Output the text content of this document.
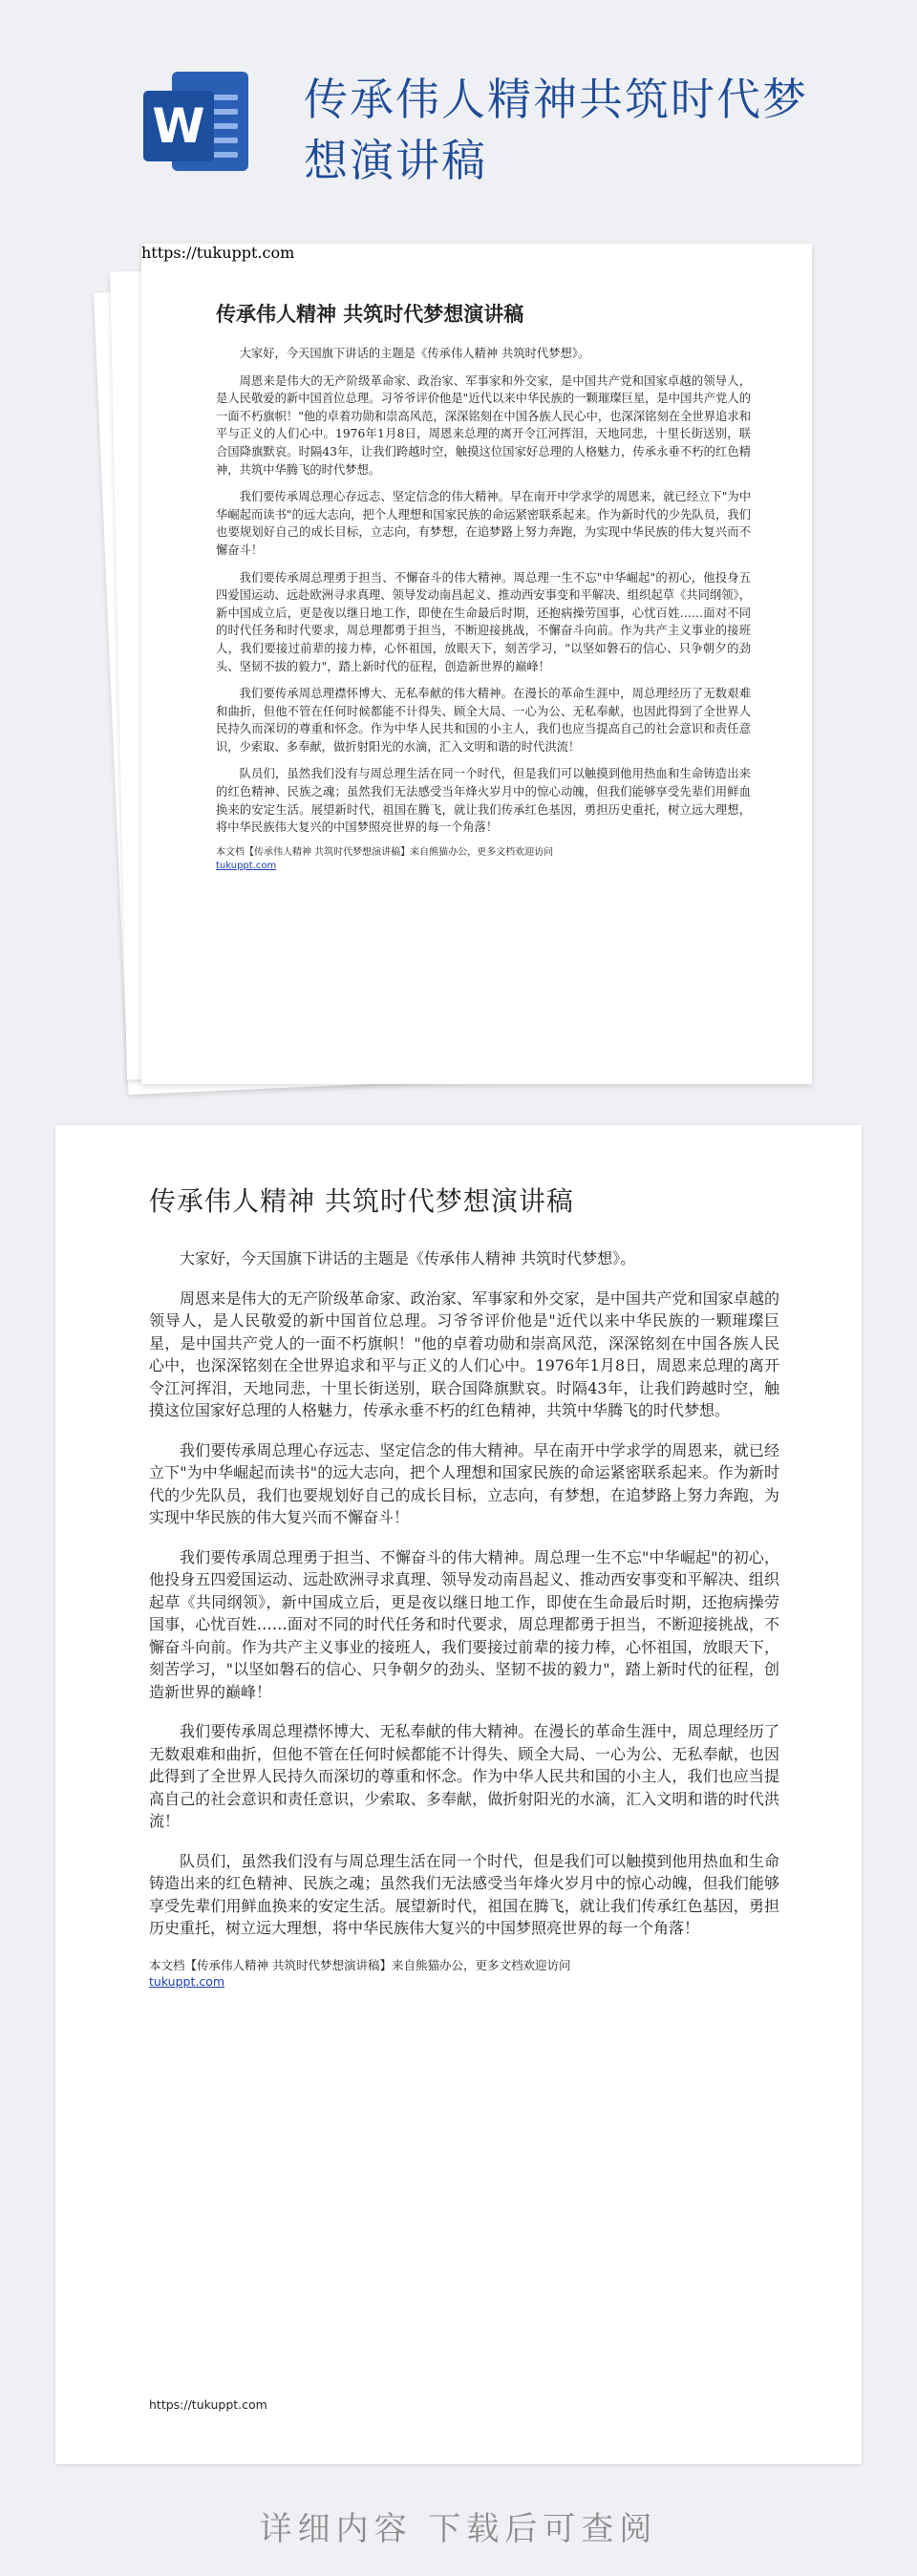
W 传承伟人精神共筑时代梦想演讲稿
传承伟人精神 共筑时代梦想演讲稿

大家好，今天国旗下讲话的主题是《传承伟人精神 共筑时代梦想》。

周恩来是伟大的无产阶级革命家、政治家、军事家和外交家，是中国共产党和国家卓越的领导人，是人民敬爱的新中国首位总理。习爷爷评价他是"近代以来中华民族的一颗璀璨巨星，是中国共产党人的一面不朽旗帜！"他的卓着功勋和崇高风范，深深铭刻在中国各族人民心中，也深深铭刻在全世界追求和平与正义的人们心中。1976年1月8日，周恩来总理的离开令江河挥泪，天地同悲，十里长街送别，联合国降旗默哀。时隔43年，让我们跨越时空，触摸这位国家好总理的人格魅力，传承永垂不朽的红色精神，共筑中华腾飞的时代梦想。

我们要传承周总理心存远志、坚定信念的伟大精神。早在南开中学求学的周恩来，就已经立下"为中华崛起而读书"的远大志向，把个人理想和国家民族的命运紧密联系起来。作为新时代的少先队员，我们也要规划好自己的成长目标，立志向，有梦想，在追梦路上努力奔跑，为实现中华民族的伟大复兴而不懈奋斗！

我们要传承周总理勇于担当、不懈奋斗的伟大精神。周总理一生不忘"中华崛起"的初心，他投身五四爱国运动、远赴欧洲寻求真理、领导发动南昌起义、推动西安事变和平解决、组织起草《共同纲领》，新中国成立后，更是夜以继日地工作，即使在生命最后时期，还抱病操劳国事，心忧百姓……面对不同的时代任务和时代要求，周总理都勇于担当，不断迎接挑战，不懈奋斗向前。作为共产主义事业的接班人，我们要接过前辈的接力棒，心怀祖国，放眼天下，刻苦学习，"以坚如磐石的信心、只争朝夕的劲头、坚韧不拔的毅力"，踏上新时代的征程，创造新世界的巅峰！

我们要传承周总理襟怀博大、无私奉献的伟大精神。在漫长的革命生涯中，周总理经历了无数艰难和曲折，但他不管在任何时候都能不计得失、顾全大局、一心为公、无私奉献，也因此得到了全世界人民持久而深切的尊重和怀念。作为中华人民共和国的小主人，我们也应当提高自己的社会意识和责任意识，少索取、多奉献，做折射阳光的水滴，汇入文明和谐的时代洪流！

队员们，虽然我们没有与周总理生活在同一个时代，但是我们可以触摸到他用热血和生命铸造出来的红色精神、民族之魂；虽然我们无法感受当年烽火岁月中的惊心动魄，但我们能够享受先辈们用鲜血换来的安定生活。展望新时代，祖国在腾飞，就让我们传承红色基因，勇担历史重托，树立远大理想，将中华民族伟大复兴的中国梦照亮世界的每一个角落！

本文档【传承伟人精神 共筑时代梦想演讲稿】来自熊猫办公，更多文档欢迎访问
tukuppt.com
https://tukuppt.com
传承伟人精神 共筑时代梦想演讲稿

大家好，今天国旗下讲话的主题是《传承伟人精神 共筑时代梦想》。

周恩来是伟大的无产阶级革命家、政治家、军事家和外交家，是中国共产党和国家卓越的领导人，是人民敬爱的新中国首位总理。习爷爷评价他是"近代以来中华民族的一颗璀璨巨星，是中国共产党人的一面不朽旗帜！"他的卓着功勋和崇高风范，深深铭刻在中国各族人民心中，也深深铭刻在全世界追求和平与正义的人们心中。1976年1月8日，周恩来总理的离开令江河挥泪，天地同悲，十里长街送别，联合国降旗默哀。时隔43年，让我们跨越时空，触摸这位国家好总理的人格魅力，传承永垂不朽的红色精神，共筑中华腾飞的时代梦想。

我们要传承周总理心存远志、坚定信念的伟大精神。早在南开中学求学的周恩来，就已经立下"为中华崛起而读书"的远大志向，把个人理想和国家民族的命运紧密联系起来。作为新时代的少先队员，我们也要规划好自己的成长目标，立志向，有梦想，在追梦路上努力奔跑，为实现中华民族的伟大复兴而不懈奋斗！

我们要传承周总理勇于担当、不懈奋斗的伟大精神。周总理一生不忘"中华崛起"的初心，他投身五四爱国运动、远赴欧洲寻求真理、领导发动南昌起义、推动西安事变和平解决、组织起草《共同纲领》，新中国成立后，更是夜以继日地工作，即使在生命最后时期，还抱病操劳国事，心忧百姓……面对不同的时代任务和时代要求，周总理都勇于担当，不断迎接挑战，不懈奋斗向前。作为共产主义事业的接班人，我们要接过前辈的接力棒，心怀祖国，放眼天下，刻苦学习，"以坚如磐石的信心、只争朝夕的劲头、坚韧不拔的毅力"，踏上新时代的征程，创造新世界的巅峰！

我们要传承周总理襟怀博大、无私奉献的伟大精神。在漫长的革命生涯中，周总理经历了无数艰难和曲折，但他不管在任何时候都能不计得失、顾全大局、一心为公、无私奉献，也因此得到了全世界人民持久而深切的尊重和怀念。作为中华人民共和国的小主人，我们也应当提高自己的社会意识和责任意识，少索取、多奉献，做折射阳光的水滴，汇入文明和谐的时代洪流！

队员们，虽然我们没有与周总理生活在同一个时代，但是我们可以触摸到他用热血和生命铸造出来的红色精神、民族之魂；虽然我们无法感受当年烽火岁月中的惊心动魄，但我们能够享受先辈们用鲜血换来的安定生活。展望新时代，祖国在腾飞，就让我们传承红色基因，勇担历史重托，树立远大理想，将中华民族伟大复兴的中国梦照亮世界的每一个角落！

本文档【传承伟人精神 共筑时代梦想演讲稿】来自熊猫办公，更多文档欢迎访问
tukuppt.com
https://tukuppt.com
详细内容 下载后可查阅
